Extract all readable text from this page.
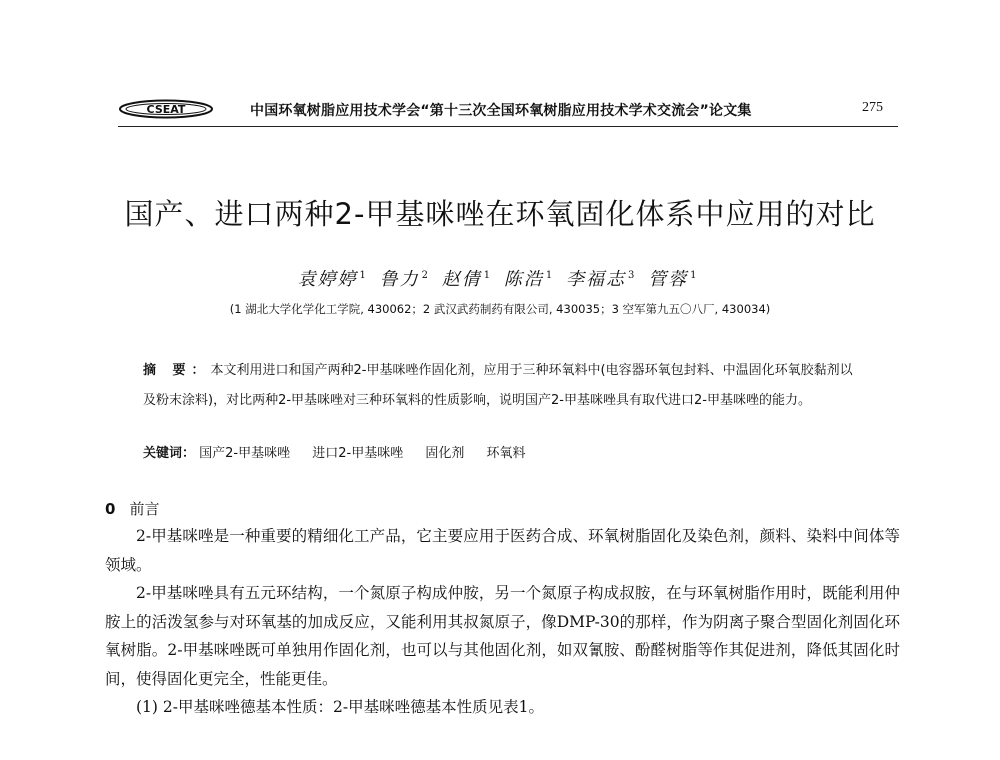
CSEAT	中国环氧树脂应用技术学会“第十三次全国环氧树脂应用技术学术交流会”论文集	275
国产、进口两种2-甲基咪唑在环氧固化体系中应用的对比
袁婷婷 $^1$ 鲁力 $^2$ 赵倩 $^1$ 陈浩 $^1$ 李福志 $^3$ 管蓉 $^1$
(1 湖北大学化学化工学院, 430062；2 武汉武药制药有限公司, 430035；3 空军第九五〇八厂, 430034)
摘 要：本文利用进口和国产两种2-甲基咪唑作固化剂，应用于三种环氧料中(电容器环氧包封料、中温固化环氧胶黏剂以及粉末涂料)，对比两种2-甲基咪唑对三种环氧料的性质影响，说明国产2-甲基咪唑具有取代进口2-甲基咪唑的能力。
关键词： 国产2-甲基咪唑 进口2-甲基咪唑 固化剂 环氧料
0 前言

2-甲基咪唑是一种重要的精细化工产品，它主要应用于医药合成、环氧树脂固化及染色剂，颜料、染料中间体等领域。

2-甲基咪唑具有五元环结构，一个氮原子构成仲胺，另一个氮原子构成叔胺，在与环氧树脂作用时，既能利用仲胺上的活泼氢参与对环氧基的加成反应，又能利用其叔氮原子，像DMP-30的那样，作为阴离子聚合型固化剂固化环氧树脂。2-甲基咪唑既可单独用作固化剂，也可以与其他固化剂，如双氰胺、酚醛树脂等作其促进剂，降低其固化时间，使得固化更完全，性能更佳。

(1) 2-甲基咪唑德基本性质：2-甲基咪唑德基本性质见表1。
